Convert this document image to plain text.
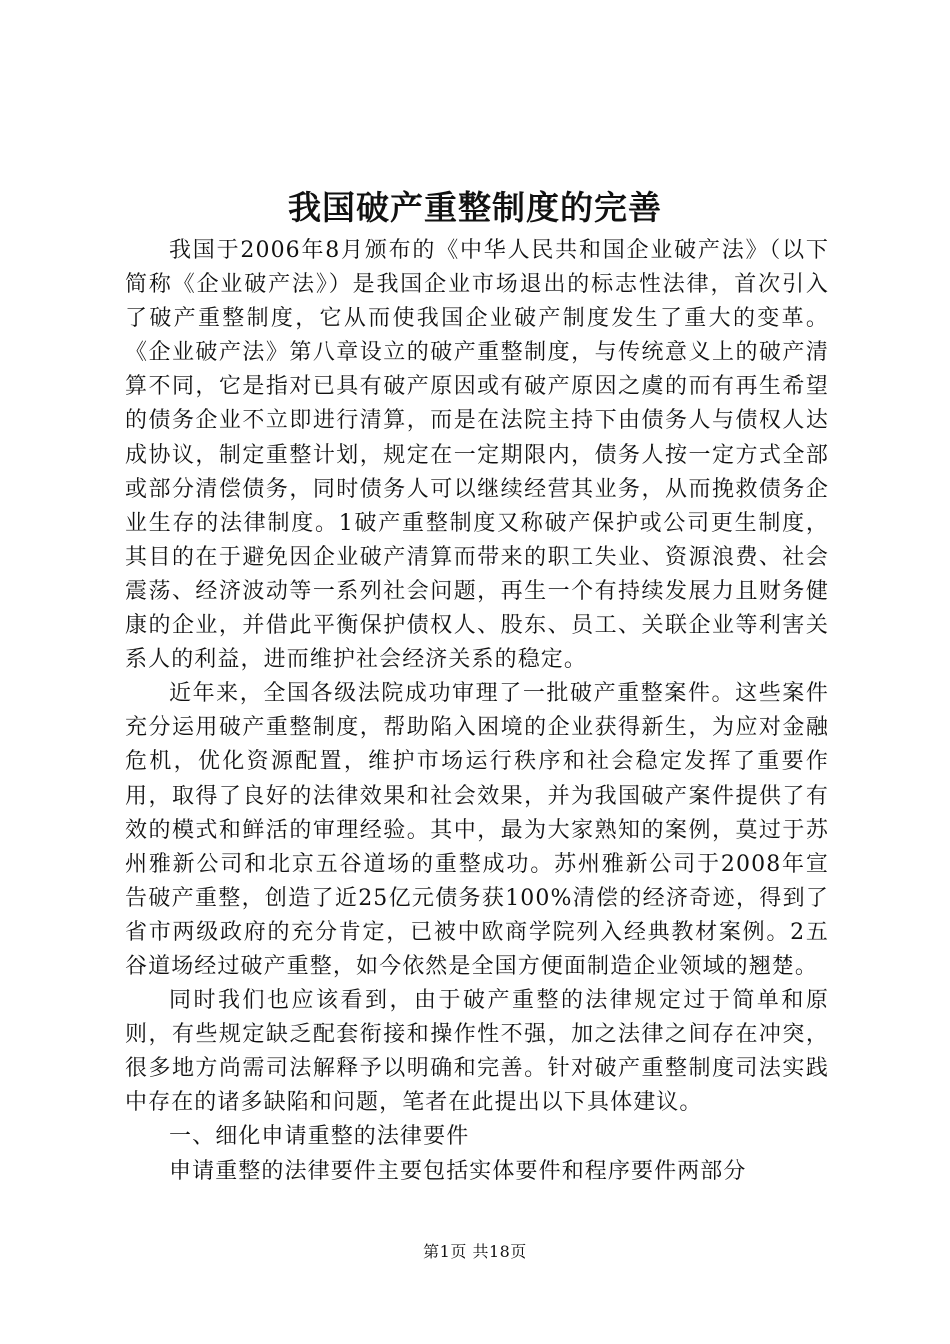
我国破产重整制度的完善

我国于2006年8月颁布的《中华人民共和国企业破产法》（以下简称《企业破产法》）是我国企业市场退出的标志性法律，首次引入了破产重整制度，它从而使我国企业破产制度发生了重大的变革。《企业破产法》第八章设立的破产重整制度，与传统意义上的破产清算不同，它是指对已具有破产原因或有破产原因之虞的而有再生希望的债务企业不立即进行清算，而是在法院主持下由债务人与债权人达成协议，制定重整计划，规定在一定期限内，债务人按一定方式全部或部分清偿债务，同时债务人可以继续经营其业务，从而挽救债务企业生存的法律制度。1破产重整制度又称破产保护或公司更生制度，其目的在于避免因企业破产清算而带来的职工失业、资源浪费、社会震荡、经济波动等一系列社会问题，再生一个有持续发展力且财务健康的企业，并借此平衡保护债权人、股东、员工、关联企业等利害关系人的利益，进而维护社会经济关系的稳定。

近年来，全国各级法院成功审理了一批破产重整案件。这些案件充分运用破产重整制度，帮助陷入困境的企业获得新生，为应对金融危机，优化资源配置，维护市场运行秩序和社会稳定发挥了重要作用，取得了良好的法律效果和社会效果，并为我国破产案件提供了有效的模式和鲜活的审理经验。其中，最为大家熟知的案例，莫过于苏州雅新公司和北京五谷道场的重整成功。苏州雅新公司于2008年宣告破产重整，创造了近25亿元债务获100%清偿的经济奇迹，得到了省市两级政府的充分肯定，已被中欧商学院列入经典教材案例。2五谷道场经过破产重整，如今依然是全国方便面制造企业领域的翘楚。

同时我们也应该看到，由于破产重整的法律规定过于简单和原则，有些规定缺乏配套衔接和操作性不强，加之法律之间存在冲突，很多地方尚需司法解释予以明确和完善。针对破产重整制度司法实践中存在的诸多缺陷和问题，笔者在此提出以下具体建议。

一、细化申请重整的法律要件

申请重整的法律要件主要包括实体要件和程序要件两部分

第1页 共18页
